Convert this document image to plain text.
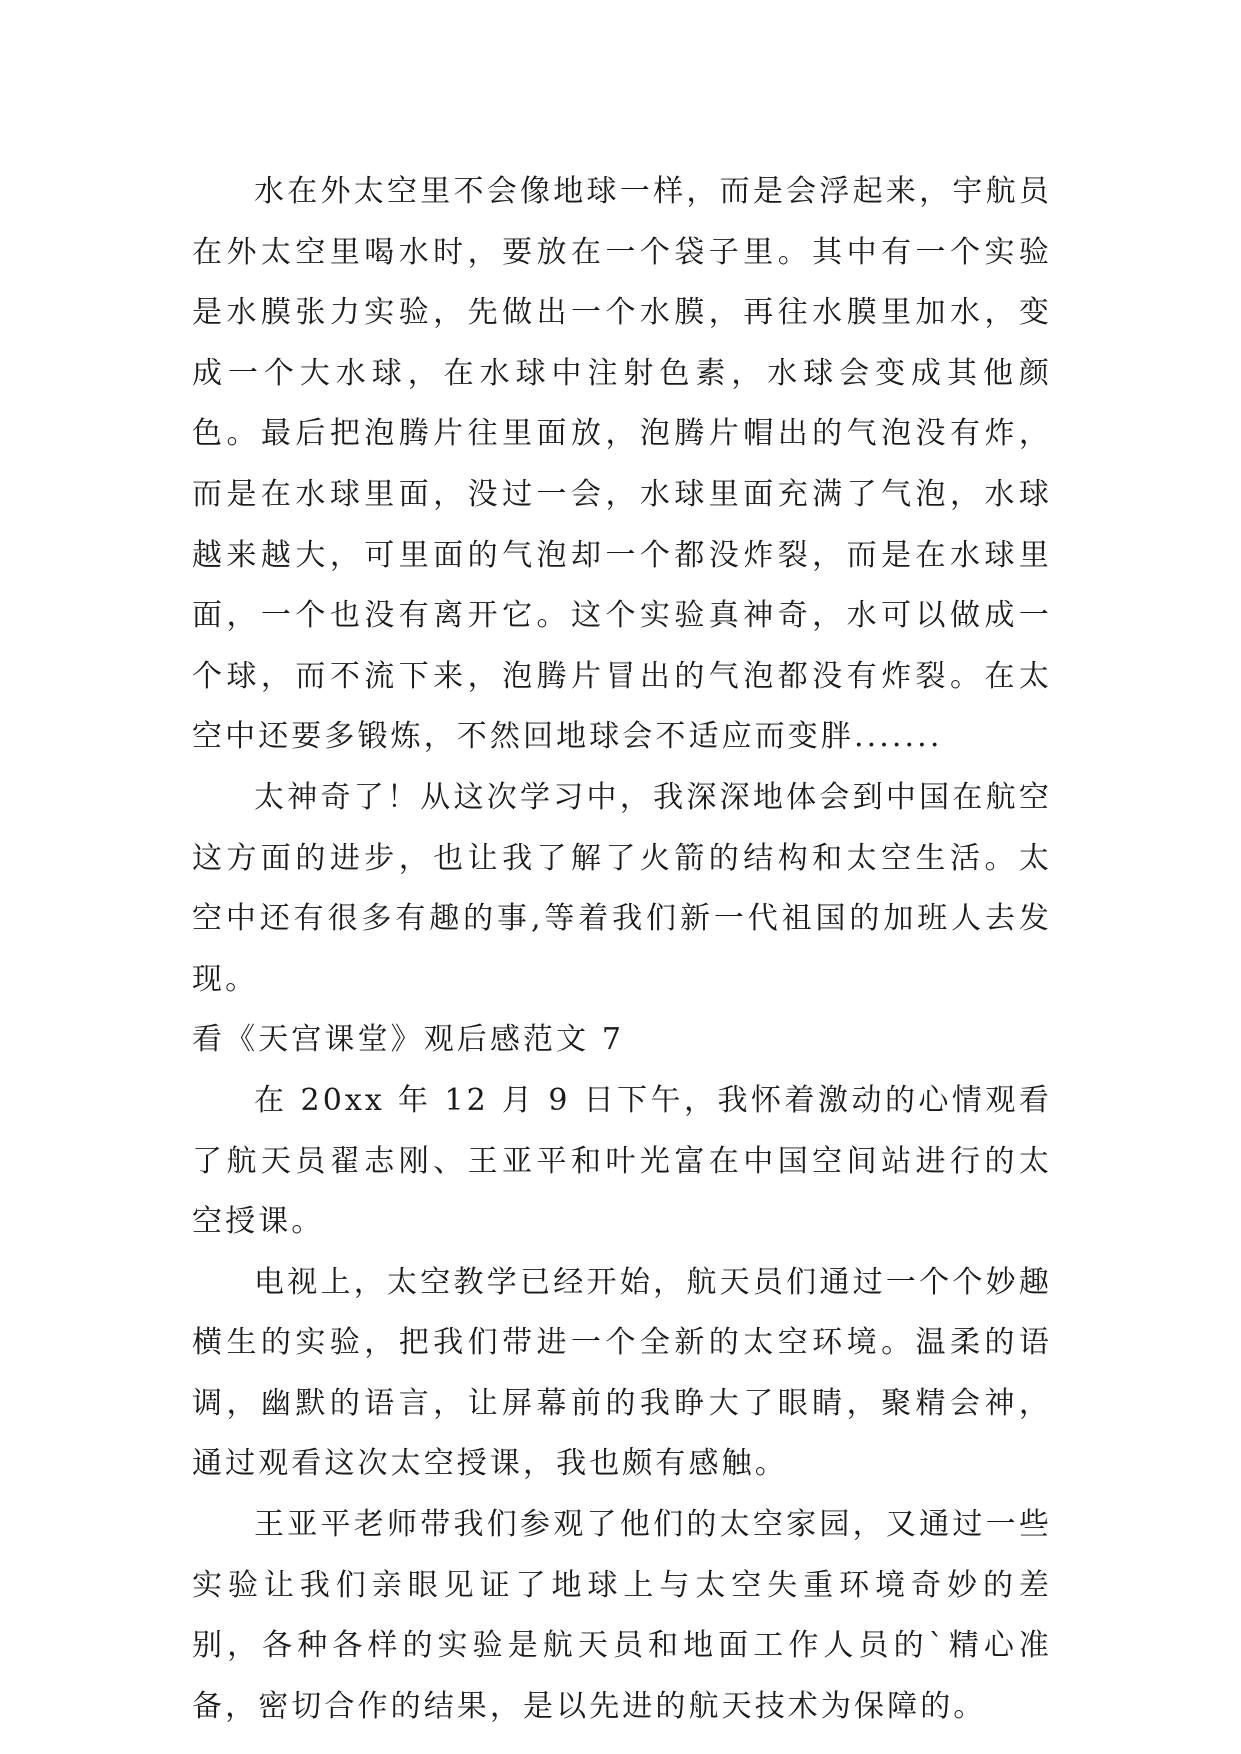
水在外太空里不会像地球一样，而是会浮起来，宇航员在外太空里喝水时，要放在一个袋子里。其中有一个实验是水膜张力实验，先做出一个水膜，再往水膜里加水，变成一个大水球，在水球中注射色素，水球会变成其他颜色。最后把泡腾片往里面放，泡腾片帽出的气泡没有炸，而是在水球里面，没过一会，水球里面充满了气泡，水球越来越大，可里面的气泡却一个都没炸裂，而是在水球里面，一个也没有离开它。这个实验真神奇，水可以做成一个球，而不流下来，泡腾片冒出的气泡都没有炸裂。在太空中还要多锻炼，不然回地球会不适应而变胖.......

太神奇了！从这次学习中，我深深地体会到中国在航空这方面的进步，也让我了解了火箭的结构和太空生活。太空中还有很多有趣的事,等着我们新一代祖国的加班人去发现。

看《天宫课堂》观后感范文 7

在 20xx 年 12 月 9 日下午，我怀着激动的心情观看了航天员翟志刚、王亚平和叶光富在中国空间站进行的太空授课。

电视上，太空教学已经开始，航天员们通过一个个妙趣横生的实验，把我们带进一个全新的太空环境。温柔的语调，幽默的语言，让屏幕前的我睁大了眼睛，聚精会神，通过观看这次太空授课，我也颇有感触。

王亚平老师带我们参观了他们的太空家园，又通过一些实验让我们亲眼见证了地球上与太空失重环境奇妙的差别，各种各样的实验是航天员和地面工作人员的`精心准备，密切合作的结果，是以先进的航天技术为保障的。
